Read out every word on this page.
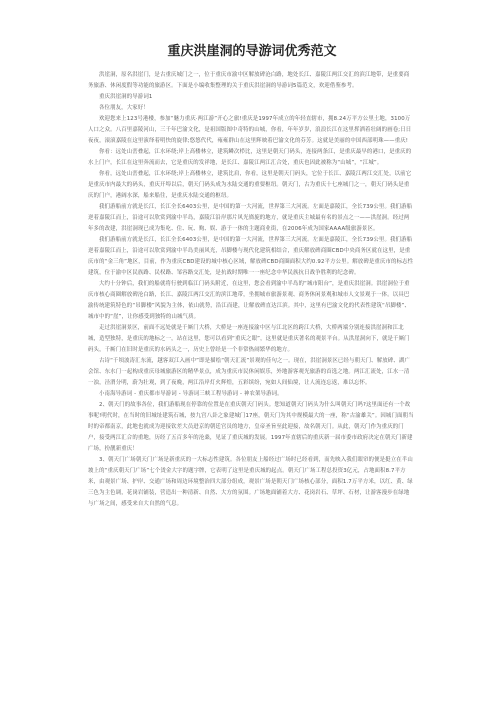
重庆洪崖洞的导游词优秀范文

洪崖洞，原名洪崖门，是古重庆城门之一，位于重庆市渝中区解放碑沧白路，地处长江、嘉陵江两江交汇的滨江地带，是重要商务旅游、休闲度假等功能的旅游区。下面是小编收集整理的关于重庆洪崖洞的导游词5篇范文，欢迎借鉴参考。

重庆洪崖洞的导游词1

各位朋友，大家好！

欢迎您来上123号港楼，参加“魅力重庆·两江游”开心之旅!重庆是1997年成立的年轻直辖市，拥8.24万平方公里土地，3100万人口之众。八百里嘉陵河山，三千年巴渝文化，是祖国版图中奇特的山城，你看，年年岁岁，浪浪长江在这里挥洒着壮阔的画卷;日日夜夜，滚滚嘉陵在这里演绎着明快的旋律;悠悠代代，雍雍群山在这里辉映着巴渝文化的芬芳。这就是美丽的中国西部明珠——重庆!

你看：远处山峦叠起，江水环绕;岸上高楼林立，建筑鳞次栉比，这里是朝天门码头，连接两条江，是重庆最早的港口，是重庆的水上门户，长江在这里奔流而去，它是重庆的发祥地，是长江、嘉陵江两江汇合处，重庆也因此被称为“山城”，“江城”。

你看，远处山峦叠起，江水环绕;岸上高楼林立，建筑比肩，你看，这里是朝天门码头，它位于长江、嘉陵江两江交汇处，以前它是重庆市内最大的码头，重庆开埠以后，朝天门码头成为水陆交通的重要枢纽。朝天门，古为重庆十七座城门之一，朝天门码头是重庆的门户，港阔水深，船来船往，是重庆水陆交通的枢纽。

我们游船前方就是长江，长江全长6403公里，是中国的第一大河流，世界第三大河流。左面是嘉陵江，全长739公里。我们游船逆着嘉陵江而上，沿途可以欣赏到渝中半岛，嘉陵江沿岸那片风光旖旎的地方，就是重庆主城最有名的景点之一——洪崖洞。经过两年多的改建，洪崖洞现已成为集吃、住、玩、购、娱、游于一体的主题商业街，在2006年成为国家AAAA级旅游景区。

我们游船前方就是长江，长江全长6403公里，是中国的第一大河流，世界第三大河流。左面是嘉陵江，全长739公里。我们游船逆着嘉陵江而上，沿途可以欣赏到渝中半岛美丽风光，吊脚楼与现代化建筑相结合，重庆解放碑商圈CBD中央商务区就在这里，是重庆市的“金三角”地区，目前，作为重庆CBD建设的城中核心区域，解放碑CBD商圈面积大约0.92平方公里。解放碑是重庆市的标志性建筑，位于渝中区民族路、民权路、邹容路交汇处，是抗战时期唯一一座纪念中华民族抗日战争胜利的纪念碑。

大约十分钟后，我们的船就将行驶到临江门码头附近，在这里，您会看到渝中半岛的“城市阳台”，是重庆洪崖洞。洪崖洞位于重庆市核心商圈解放碑沧白路，长江、嘉陵江两江交汇的滨江地带，坐拥城市旅游景观、商务休闲景观和城市人文景观于一体。以具巴渝传统建筑特色的“吊脚楼”风貌为主体，依山就势，沿江而建，让解放碑直达江滨。其中，这里有巴渝文化的代表性建筑“吊脚楼”、城市中的“崖”，让你感受到独特的山城气质。

走过洪崖洞景区，前面不远处就是千厮门大桥，大桥是一座连接渝中区与江北区的跨江大桥，大桥两端分别连接洪崖洞和江北城，造型独特，是重庆的地标之一，站在这里，您可以看到“重庆之眼”，这里就是重庆著名的观景平台。从洪崖洞向下，就是千厮门码头，千厮门在旧时是重庆的水码头之一，历史上曾经是一个非常热闹繁华的地方。

古诗“千顷波涛汇东流，越客双江入画中”即是描绘“朝天汇流”景观的佳句之一。现在，洪崖洞景区已经与朝天门、解放碑、湖广会馆、东水门一起构成重庆母城旅游区的精华景点，成为重庆市民休闲娱乐，外地游客观光旅游的首选之地。两江汇流处，江水一清一浊，泾渭分明，蔚为壮观，到了夜晚，两江沿岸灯火辉煌，五彩缤纷，宛如人间仙境，让人流连忘返，难以忘怀。

小南海导游词 - 重庆都市导游词 - 导游词三峡工程导游词 - 神农架导游词。

2、朝天门的故事各位，我们游船现在停靠的位置是在重庆朝天门码头。您知道朝天门码头为什么叫朝天门吗?这里面还有一个故事呢!明代时，在当时的旧城址建筑石城，按九宫八卦之象建城门17座，朝天门为其中规模最大的一座，称“古渝雄关”。因城门面朝当时的帝都南京，此地也就成为迎接钦差大员进京的朝廷官员的地方，皇帝圣旨至此迎接，故名朝天门。从此，朝天门作为重庆的门户，接受两江汇合的重地，历经了五百多年的沧桑，见证了重庆城的发展。1997年直辖后的重庆新一届市委市政府决定在朝天门新建广场，扮靓新重庆！

3、朝天门广场朝天门广场是新重庆的一大标志性建筑。各位朋友上船经过广场时已经看到，而先映入我们眼帘的便是挺立在半山坡上的“重庆朝天门广场”七个烫金大字的题字牌，它表明了这里是重庆城的起点。朝天门广场工程总投资3亿元，占地面积8.7平方米，由观景广场、护岸、交通广场和周边环境整治四大部分组成，观景广场是朝天门广场核心部分，面积1.7万平方米，以红、黄、绿三色为主色调，花岗岩铺装，营造出一种清新、自然、大方的氛围。广场地面铺着大方、花岗岩石、草坪、石材，让游客漫步在绿地与广场之间，感受来自大自然的气息。
